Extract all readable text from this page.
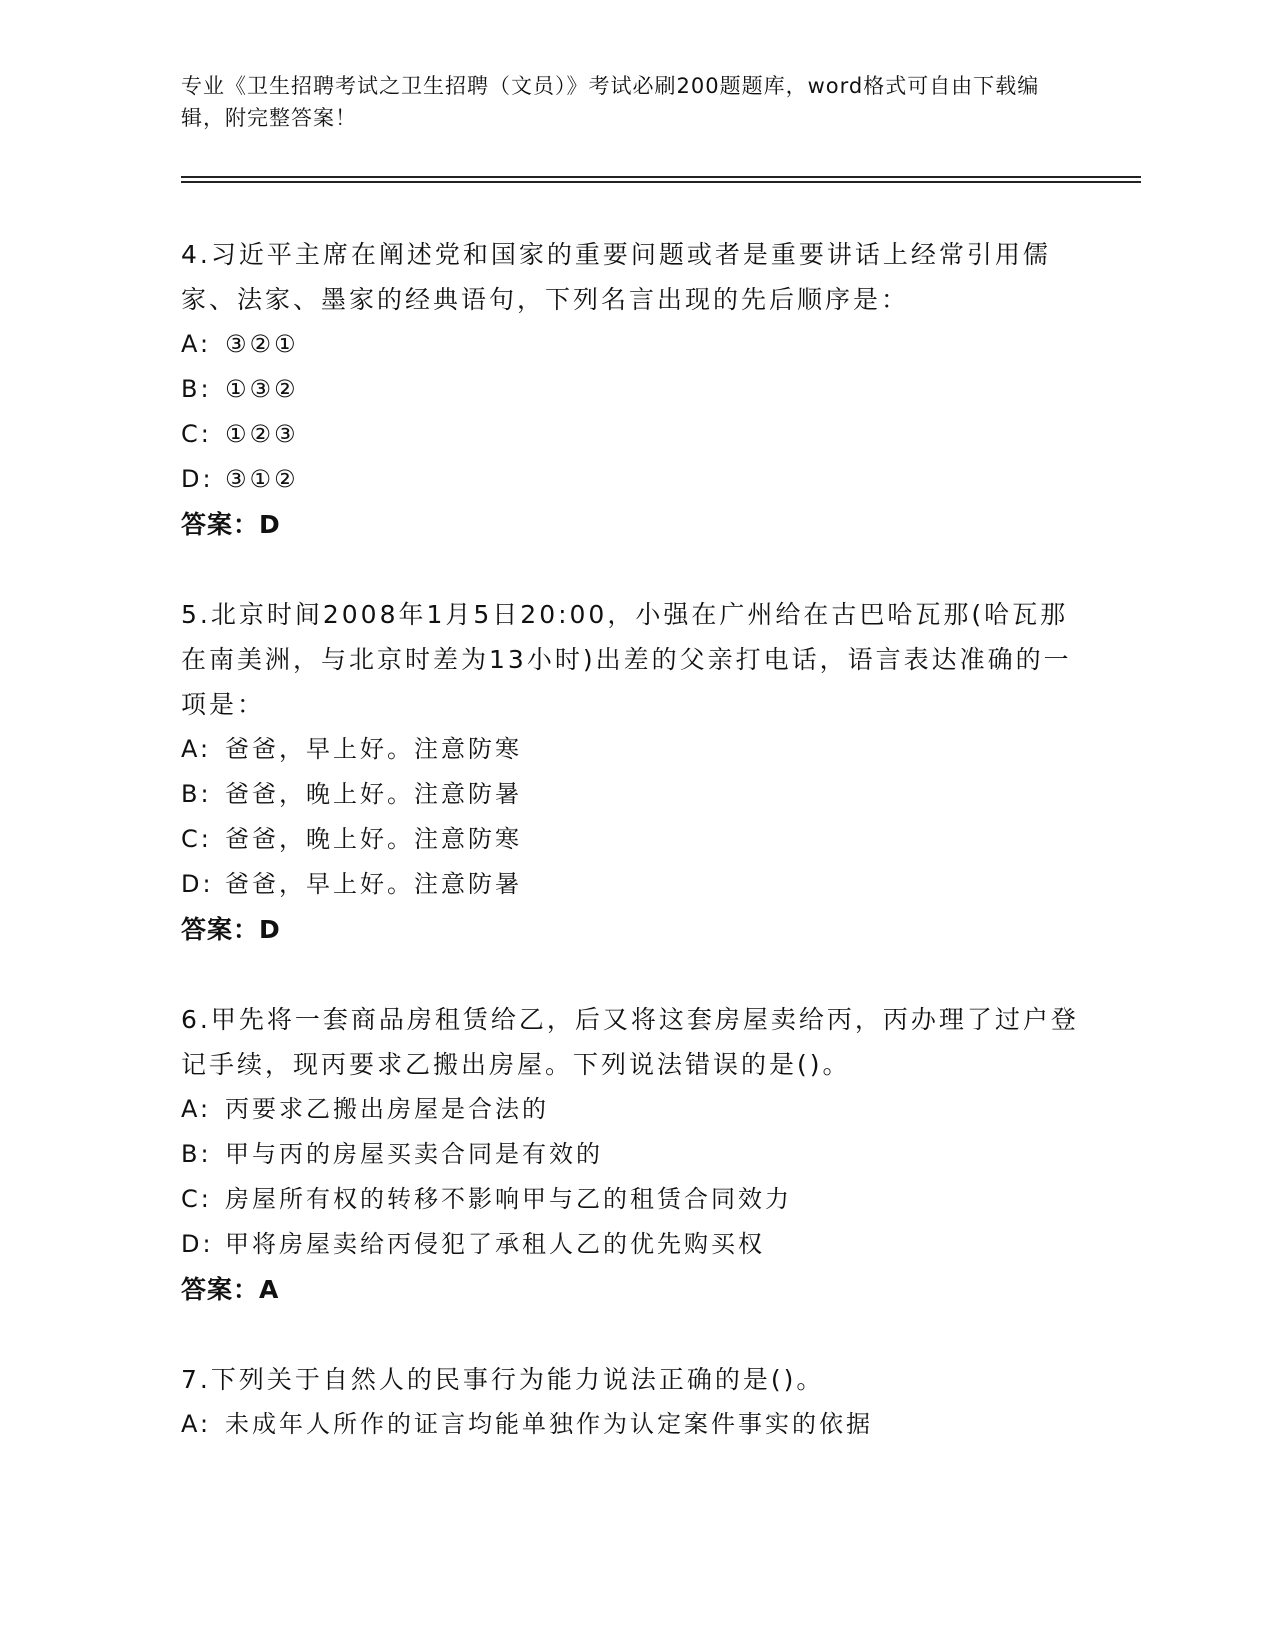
专业《卫生招聘考试之卫生招聘（文员）》考试必刷200题题库，word格式可自由下载编辑，附完整答案！

4.习近平主席在阐述党和国家的重要问题或者是重要讲话上经常引用儒家、法家、墨家的经典语句，下列名言出现的先后顺序是：

A: ③②①

B: ①③②

C: ①②③

D: ③①②

答案：D

5.北京时间2008年1月5日20:00，小强在广州给在古巴哈瓦那(哈瓦那在南美洲，与北京时差为13小时)出差的父亲打电话，语言表达准确的一项是：

A: 爸爸，早上好。注意防寒

B: 爸爸，晚上好。注意防暑

C: 爸爸，晚上好。注意防寒

D: 爸爸，早上好。注意防暑

答案：D

6.甲先将一套商品房租赁给乙，后又将这套房屋卖给丙，丙办理了过户登记手续，现丙要求乙搬出房屋。下列说法错误的是()。

A: 丙要求乙搬出房屋是合法的

B: 甲与丙的房屋买卖合同是有效的

C: 房屋所有权的转移不影响甲与乙的租赁合同效力

D: 甲将房屋卖给丙侵犯了承租人乙的优先购买权

答案：A

7.下列关于自然人的民事行为能力说法正确的是()。

A: 未成年人所作的证言均能单独作为认定案件事实的依据
